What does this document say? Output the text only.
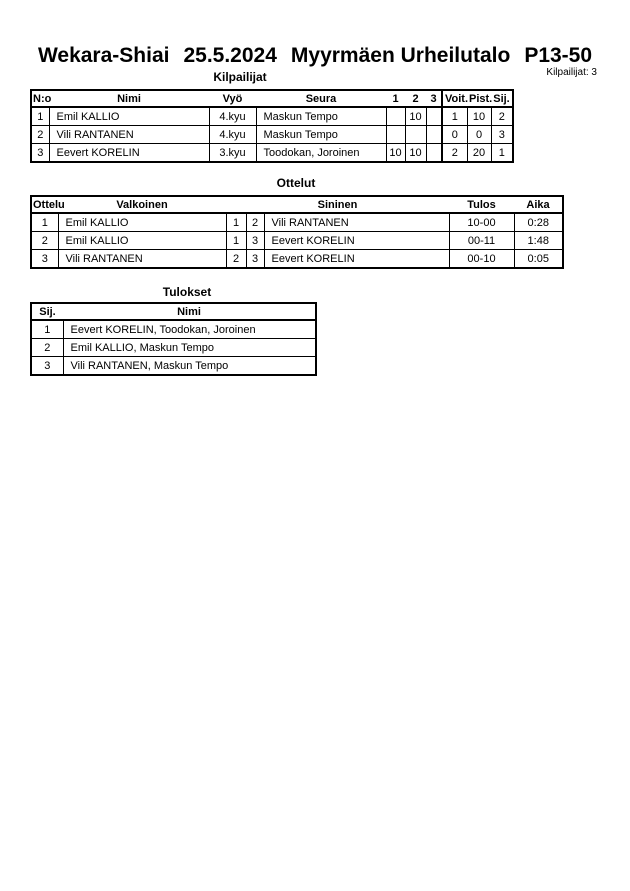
Wekara-Shiai 25.5.2024 Myyrmäen Urheilutalo P13-50
Kilpailijat: 3
Kilpailijat
N:o	Nimi	Vyö	Seura	1	2	3	Voit.	Pist.	Sij.
1	Emil KALLIO	4.kyu	Maskun Tempo		10		1	10	2
2	Vili RANTANEN	4.kyu	Maskun Tempo				0	0	3
3	Eevert KORELIN	3.kyu	Toodokan, Joroinen	10	10		2	20	1
Ottelut
Ottelu	Valkoinen	Sininen			Tulos	Aika
1	Emil KALLIO	1	2	Vili RANTANEN	10-00	0:28
2	Emil KALLIO	1	3	Eevert KORELIN	00-11	1:48
3	Vili RANTANEN	2	3	Eevert KORELIN	00-10	0:05
Tulokset
Sij.	Nimi
1	Eevert KORELIN, Toodokan, Joroinen
2	Emil KALLIO, Maskun Tempo
3	Vili RANTANEN, Maskun Tempo
